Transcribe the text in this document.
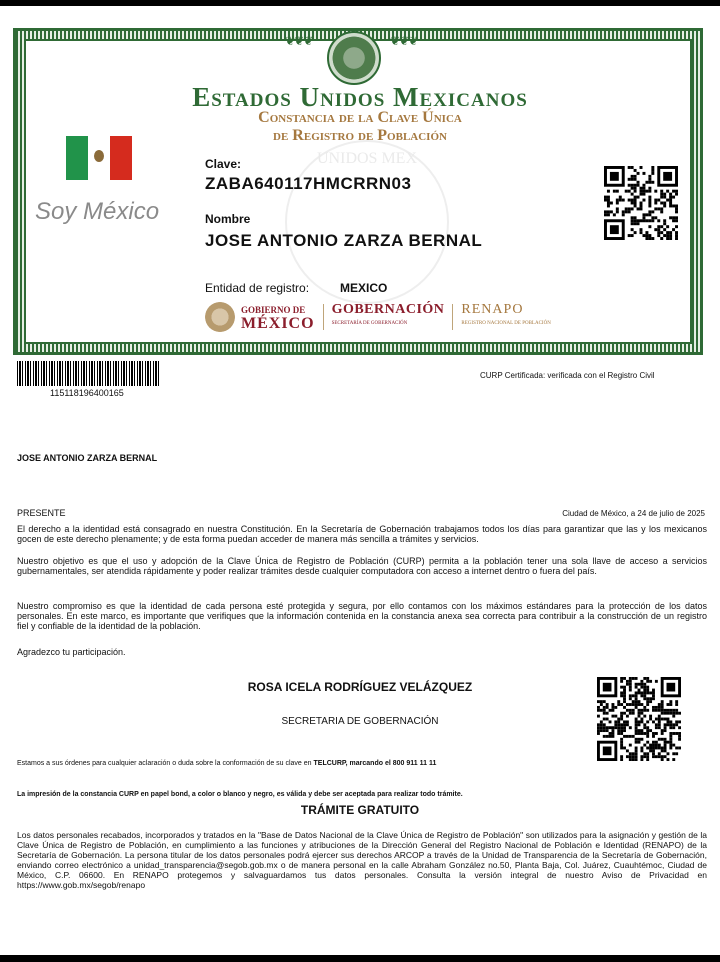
❦❦❦	❦❦❦
UNIDOS MEX
Estados Unidos Mexicanos
Constancia de la Clave Única
de Registro de Población
Soy México
Clave:
ZABA640117HMCRRN03
Nombre
JOSE ANTONIO ZARZA BERNAL
Entidad de registro:	MEXICO
GOBIERNO DE
MÉXICO
GOBERNACIÓN
SECRETARÍA DE GOBERNACIÓN
RENAPO
REGISTRO NACIONAL DE POBLACIÓN
115118196400165
CURP Certificada: verificada con el Registro Civil
JOSE ANTONIO ZARZA BERNAL
PRESENTE	Ciudad de México, a 24 de julio de 2025
El derecho a la identidad está consagrado en nuestra Constitución. En la Secretaría de Gobernación trabajamos todos los días para garantizar que las y los mexicanos gocen de este derecho plenamente; y de esta forma puedan acceder de manera más sencilla a trámites y servicios.
Nuestro objetivo es que el uso y adopción de la Clave Única de Registro de Población (CURP) permita a la población tener una sola llave de acceso a servicios gubernamentales, ser atendida rápidamente y poder realizar trámites desde cualquier computadora con acceso a internet dentro o fuera del país.
Nuestro compromiso es que la identidad de cada persona esté protegida y segura, por ello contamos con los máximos estándares para la protección de los datos personales. En este marco, es importante que verifiques que la información contenida en la constancia anexa sea correcta para contribuir a la construcción de un registro fiel y confiable de la identidad de la población.
Agradezco tu participación.
ROSA ICELA RODRÍGUEZ VELÁZQUEZ
SECRETARIA DE GOBERNACIÓN
Estamos a sus órdenes para cualquier aclaración o duda sobre la conformación de su clave en TELCURP, marcando el 800 911 11 11
La impresión de la constancia CURP en papel bond, a color o blanco y negro, es válida y debe ser aceptada para realizar todo trámite.
TRÁMITE GRATUITO
Los datos personales recabados, incorporados y tratados en la "Base de Datos Nacional de la Clave Única de Registro de Población" son utilizados para la asignación y gestión de la Clave Única de Registro de Población, en cumplimiento a las funciones y atribuciones de la Dirección General del Registro Nacional de Población e Identidad (RENAPO) de la Secretaría de Gobernación. La persona titular de los datos personales podrá ejercer sus derechos ARCOP a través de la Unidad de Transparencia de la Secretaría de Gobernación, enviando correo electrónico a unidad_transparencia@segob.gob.mx o de manera personal en la calle Abraham González no.50, Planta Baja, Col. Juárez, Cuauhtémoc, Ciudad de México, C.P. 06600. En RENAPO protegemos y salvaguardamos tus datos personales. Consulta la versión integral de nuestro Aviso de Privacidad en https://www.gob.mx/segob/renapo
